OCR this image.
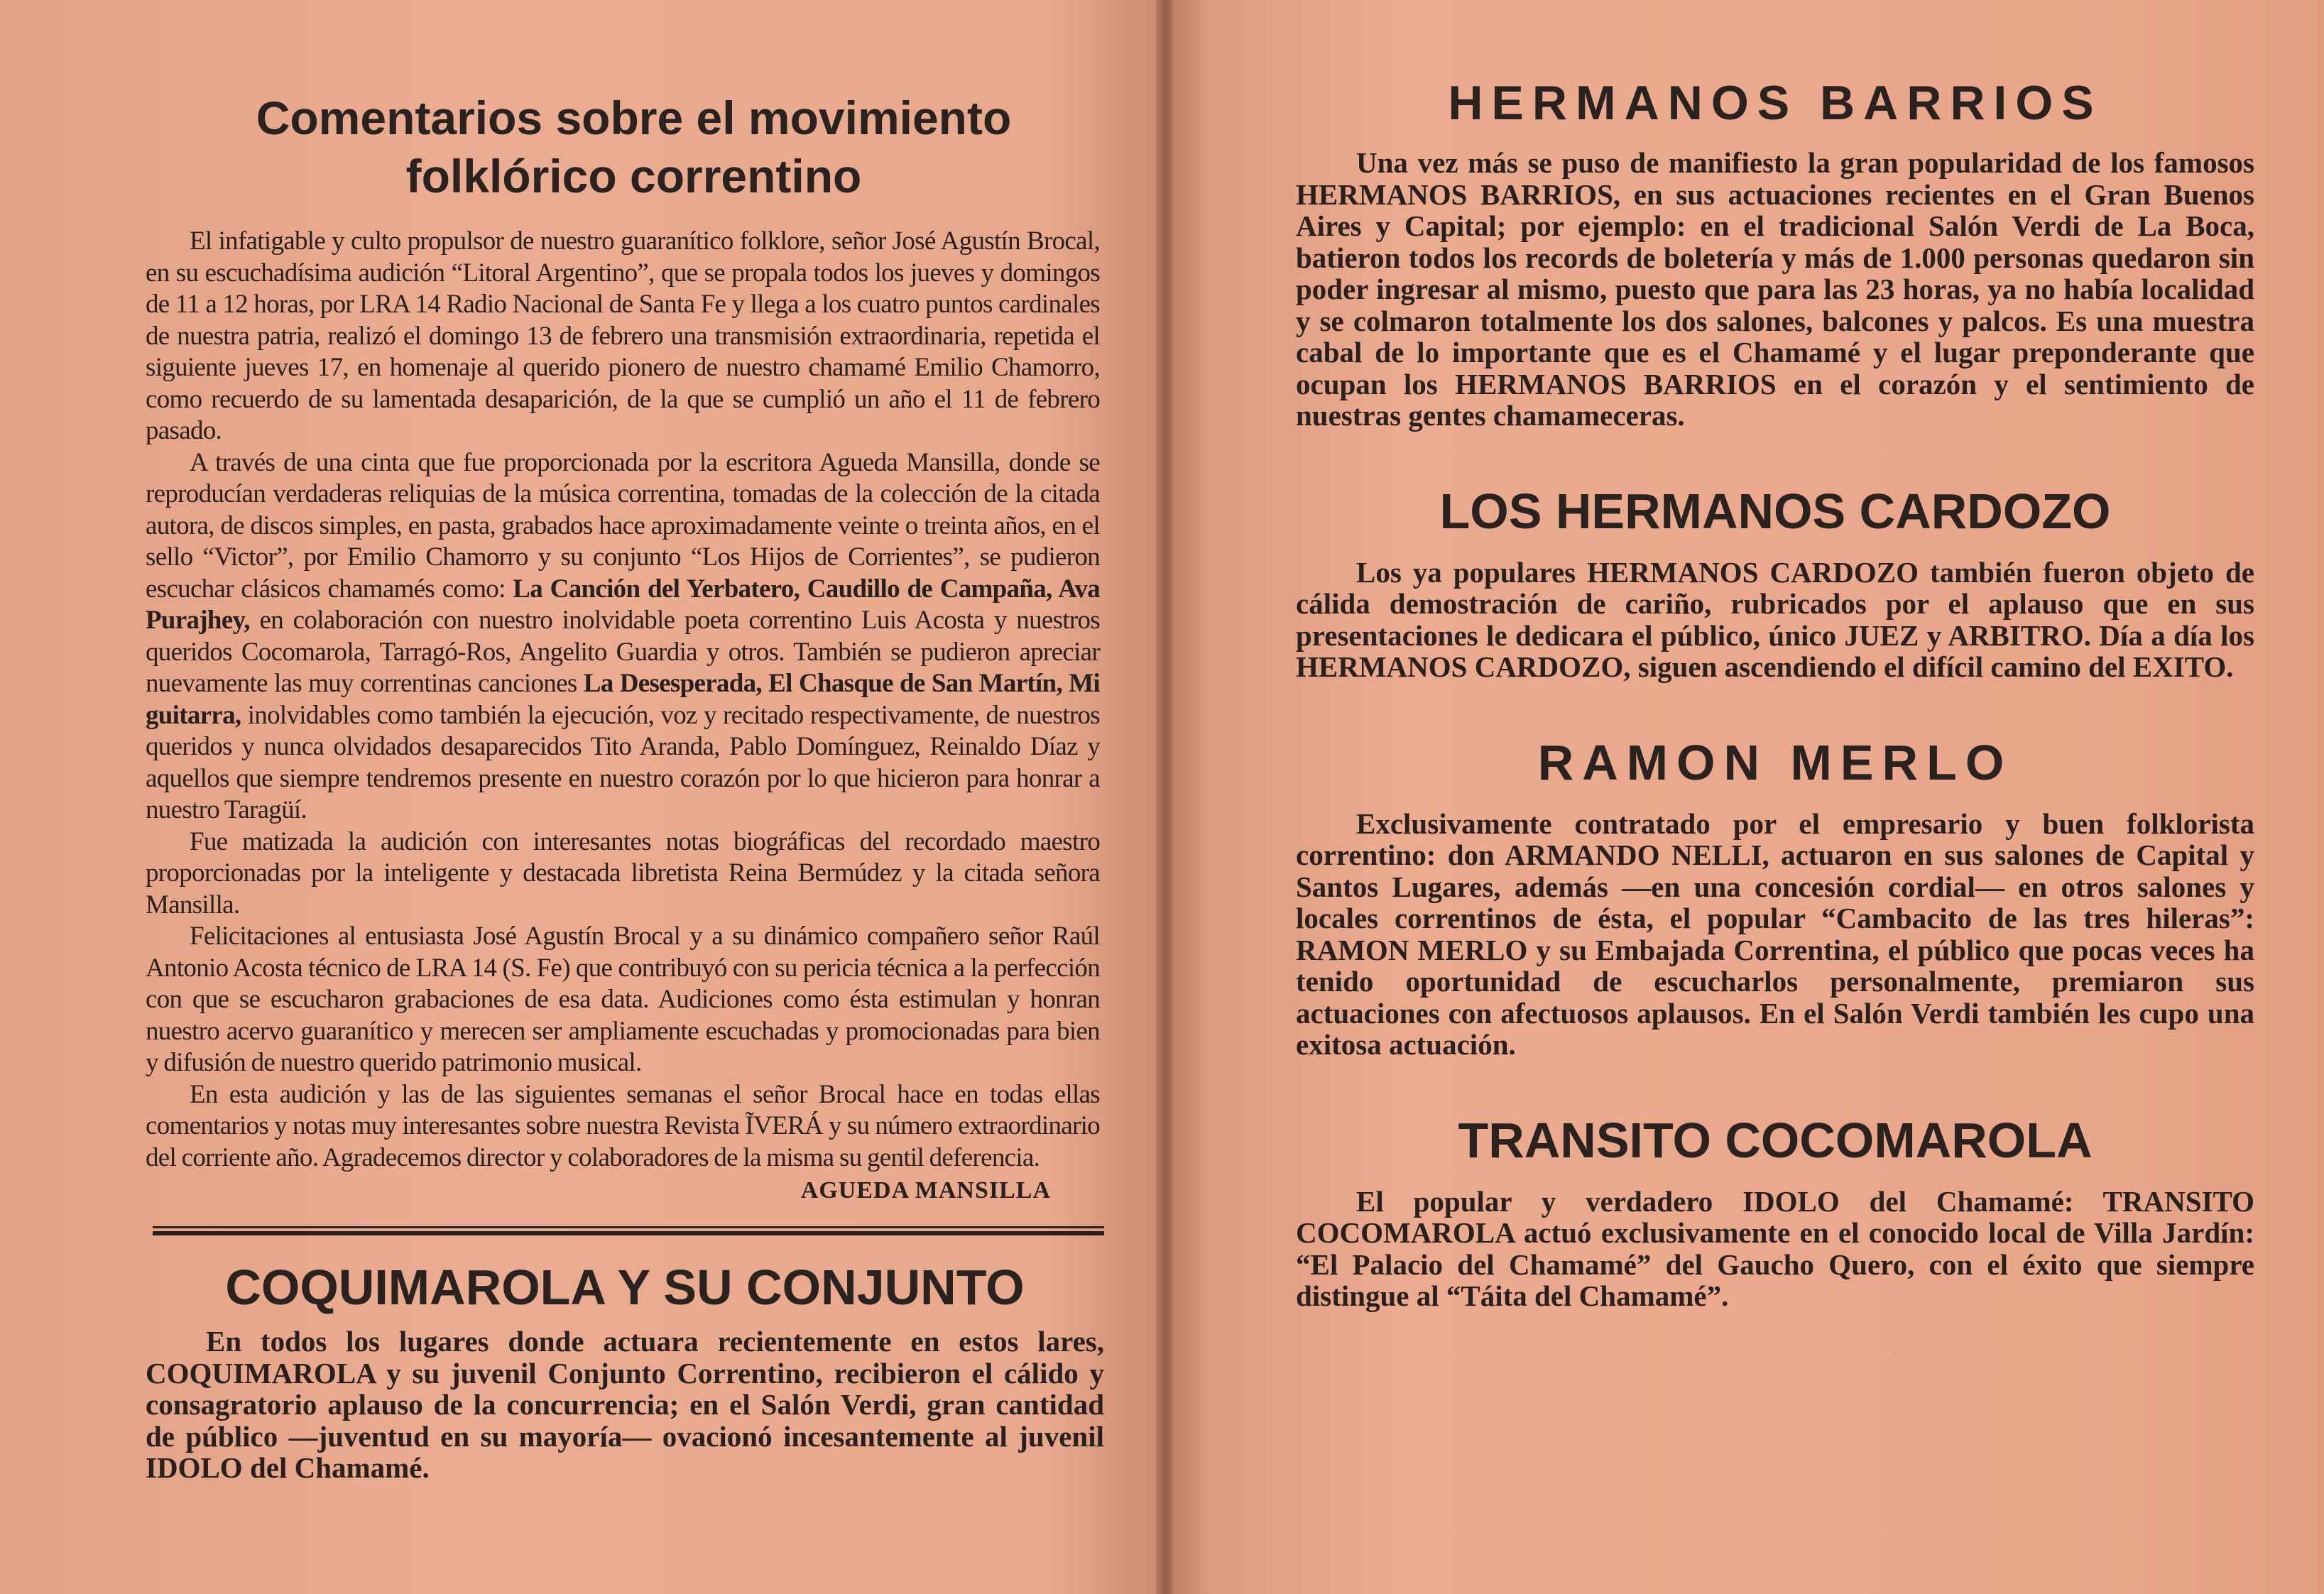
Comentarios sobre el movimiento
folklórico correntino

El infatigable y culto propulsor de nuestro guaranítico folklore, señor José Agustín Brocal, en su escuchadísima audición “Litoral Argentino”, que se propala todos los jueves y domingos de 11 a 12 horas, por LRA 14 Radio Nacional de Santa Fe y llega a los cuatro puntos cardinales de nuestra patria, realizó el domingo 13 de febrero una transmisión extraordinaria, repetida el siguiente jueves 17, en homenaje al querido pionero de nuestro chamamé Emilio Chamorro, como recuerdo de su lamentada desaparición, de la que se cumplió un año el 11 de febrero pasado.

A través de una cinta que fue proporcionada por la escritora Agueda Mansilla, donde se reproducían verdaderas reliquias de la música correntina, tomadas de la colección de la citada autora, de discos simples, en pasta, grabados hace aproximadamente veinte o treinta años, en el sello “Victor”, por Emilio Chamorro y su conjunto “Los Hijos de Corrientes”, se pudieron escuchar clásicos chamamés como: La Canción del Yerbatero, Caudillo de Campaña, Ava Purajhey, en colaboración con nuestro inolvidable poeta correntino Luis Acosta y nuestros queridos Cocomarola, Tarragó-Ros, Angelito Guardia y otros. También se pudieron apreciar nuevamente las muy correntinas canciones La Desesperada, El Chasque de San Martín, Mi guitarra, inolvidables como también la ejecución, voz y recitado respectivamente, de nuestros queridos y nunca olvidados desaparecidos Tito Aranda, Pablo Domínguez, Reinaldo Díaz y aquellos que siempre tendremos presente en nuestro corazón por lo que hicieron para honrar a nuestro Taragüí.

Fue matizada la audición con interesantes notas biográficas del recordado maestro proporcionadas por la inteligente y destacada libretista Reina Bermúdez y la citada señora Mansilla.

Felicitaciones al entusiasta José Agustín Brocal y a su dinámico compañero señor Raúl Antonio Acosta técnico de LRA 14 (S. Fe) que contribuyó con su pericia técnica a la perfección con que se escucharon grabaciones de esa data. Audiciones como ésta estimulan y honran nuestro acervo guaranítico y merecen ser ampliamente escuchadas y promocionadas para bien y difusión de nuestro querido patrimonio musical.

En esta audición y las de las siguientes semanas el señor Brocal hace en todas ellas comentarios y notas muy interesantes sobre nuestra Revista ĨVERÁ y su número extraordinario del corriente año. Agradecemos director y colaboradores de la misma su gentil deferencia.

AGUEDA MANSILLA
COQUIMAROLA Y SU CONJUNTO

En todos los lugares donde actuara recientemente en estos lares, COQUIMAROLA y su juvenil Conjunto Correntino, recibieron el cálido y consagratorio aplauso de la concurrencia; en el Salón Verdi, gran cantidad de público —juventud en su mayoría— ovacionó incesantemente al juvenil IDOLO del Chamamé.

HERMANOS BARRIOS

Una vez más se puso de manifiesto la gran popularidad de los famosos HERMANOS BARRIOS, en sus actuaciones recientes en el Gran Buenos Aires y Capital; por ejemplo: en el tradicional Salón Verdi de La Boca, batieron todos los records de boletería y más de 1.000 personas quedaron sin poder ingresar al mismo, puesto que para las 23 horas, ya no había localidad y se colmaron totalmente los dos salones, balcones y palcos. Es una muestra cabal de lo importante que es el Chamamé y el lugar preponderante que ocupan los HERMANOS BARRIOS en el corazón y el sentimiento de nuestras gentes chamameceras.

LOS HERMANOS CARDOZO

Los ya populares HERMANOS CARDOZO también fueron objeto de cálida demostración de cariño, rubricados por el aplauso que en sus presentaciones le dedicara el público, único JUEZ y ARBITRO. Día a día los HERMANOS CARDOZO, siguen ascendiendo el difícil camino del EXITO.

RAMON MERLO

Exclusivamente contratado por el empresario y buen folklorista correntino: don ARMANDO NELLI, actuaron en sus salones de Capital y Santos Lugares, además —en una concesión cordial— en otros salones y locales correntinos de ésta, el popular “Cambacito de las tres hileras”: RAMON MERLO y su Embajada Correntina, el público que pocas veces ha tenido oportunidad de escucharlos personalmente, premiaron sus actuaciones con afectuosos aplausos. En el Salón Verdi también les cupo una exitosa actuación.

TRANSITO COCOMAROLA

El popular y verdadero IDOLO del Chamamé: TRANSITO COCOMAROLA actuó exclusivamente en el conocido local de Villa Jardín: “El Palacio del Chamamé” del Gaucho Quero, con el éxito que siempre distingue al “Táita del Chamamé”.
